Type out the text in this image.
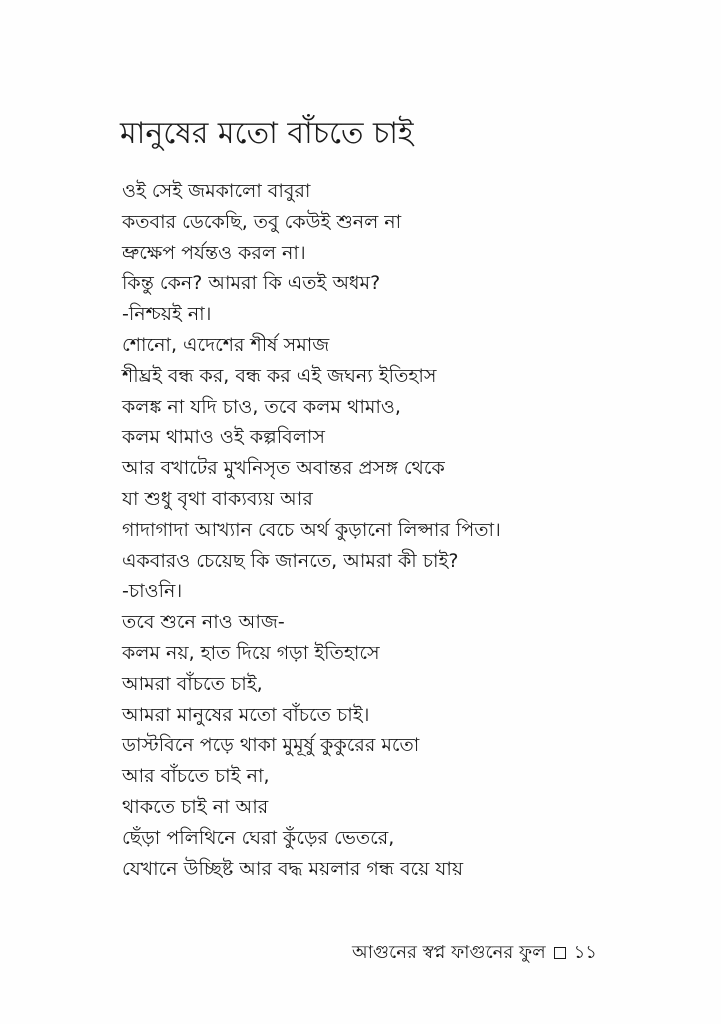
মানুষের মতো বাঁচতে চাই
ওই সেই জমকালো বাবুরা
কতবার ডেকেছি, তবু কেউই শুনল না
ভ্রুক্ষেপ পর্যন্তও করল না।
কিন্তু কেন? আমরা কি এতই অধম?
-নিশ্চয়ই না।
শোনো, এদেশের শীর্ষ সমাজ
শীঘ্রই বন্ধ কর, বন্ধ কর এই জঘন্য ইতিহাস
কলঙ্ক না যদি চাও, তবে কলম থামাও,
কলম থামাও ওই কল্পবিলাস
আর বখাটের মুখনিসৃত অবান্তর প্রসঙ্গ থেকে
যা শুধু বৃথা বাক্যব্যয় আর
গাদাগাদা আখ্যান বেচে অর্থ কুড়ানো লিপ্সার পিতা।
একবারও চেয়েছ কি জানতে, আমরা কী চাই?
-চাওনি।
তবে শুনে নাও আজ-
কলম নয়, হাত দিয়ে গড়া ইতিহাসে
আমরা বাঁচতে চাই,
আমরা মানুষের মতো বাঁচতে চাই।
ডাস্টবিনে পড়ে থাকা মুমূর্ষু কুকুরের মতো
আর বাঁচতে চাই না,
থাকতে চাই না আর
ছেঁড়া পলিথিনে ঘেরা কুঁড়ের ভেতরে,
যেখানে উচ্ছিষ্ট আর বদ্ধ ময়লার গন্ধ বয়ে যায়
আগুনের স্বপ্ন ফাগুনের ফুল ১১
